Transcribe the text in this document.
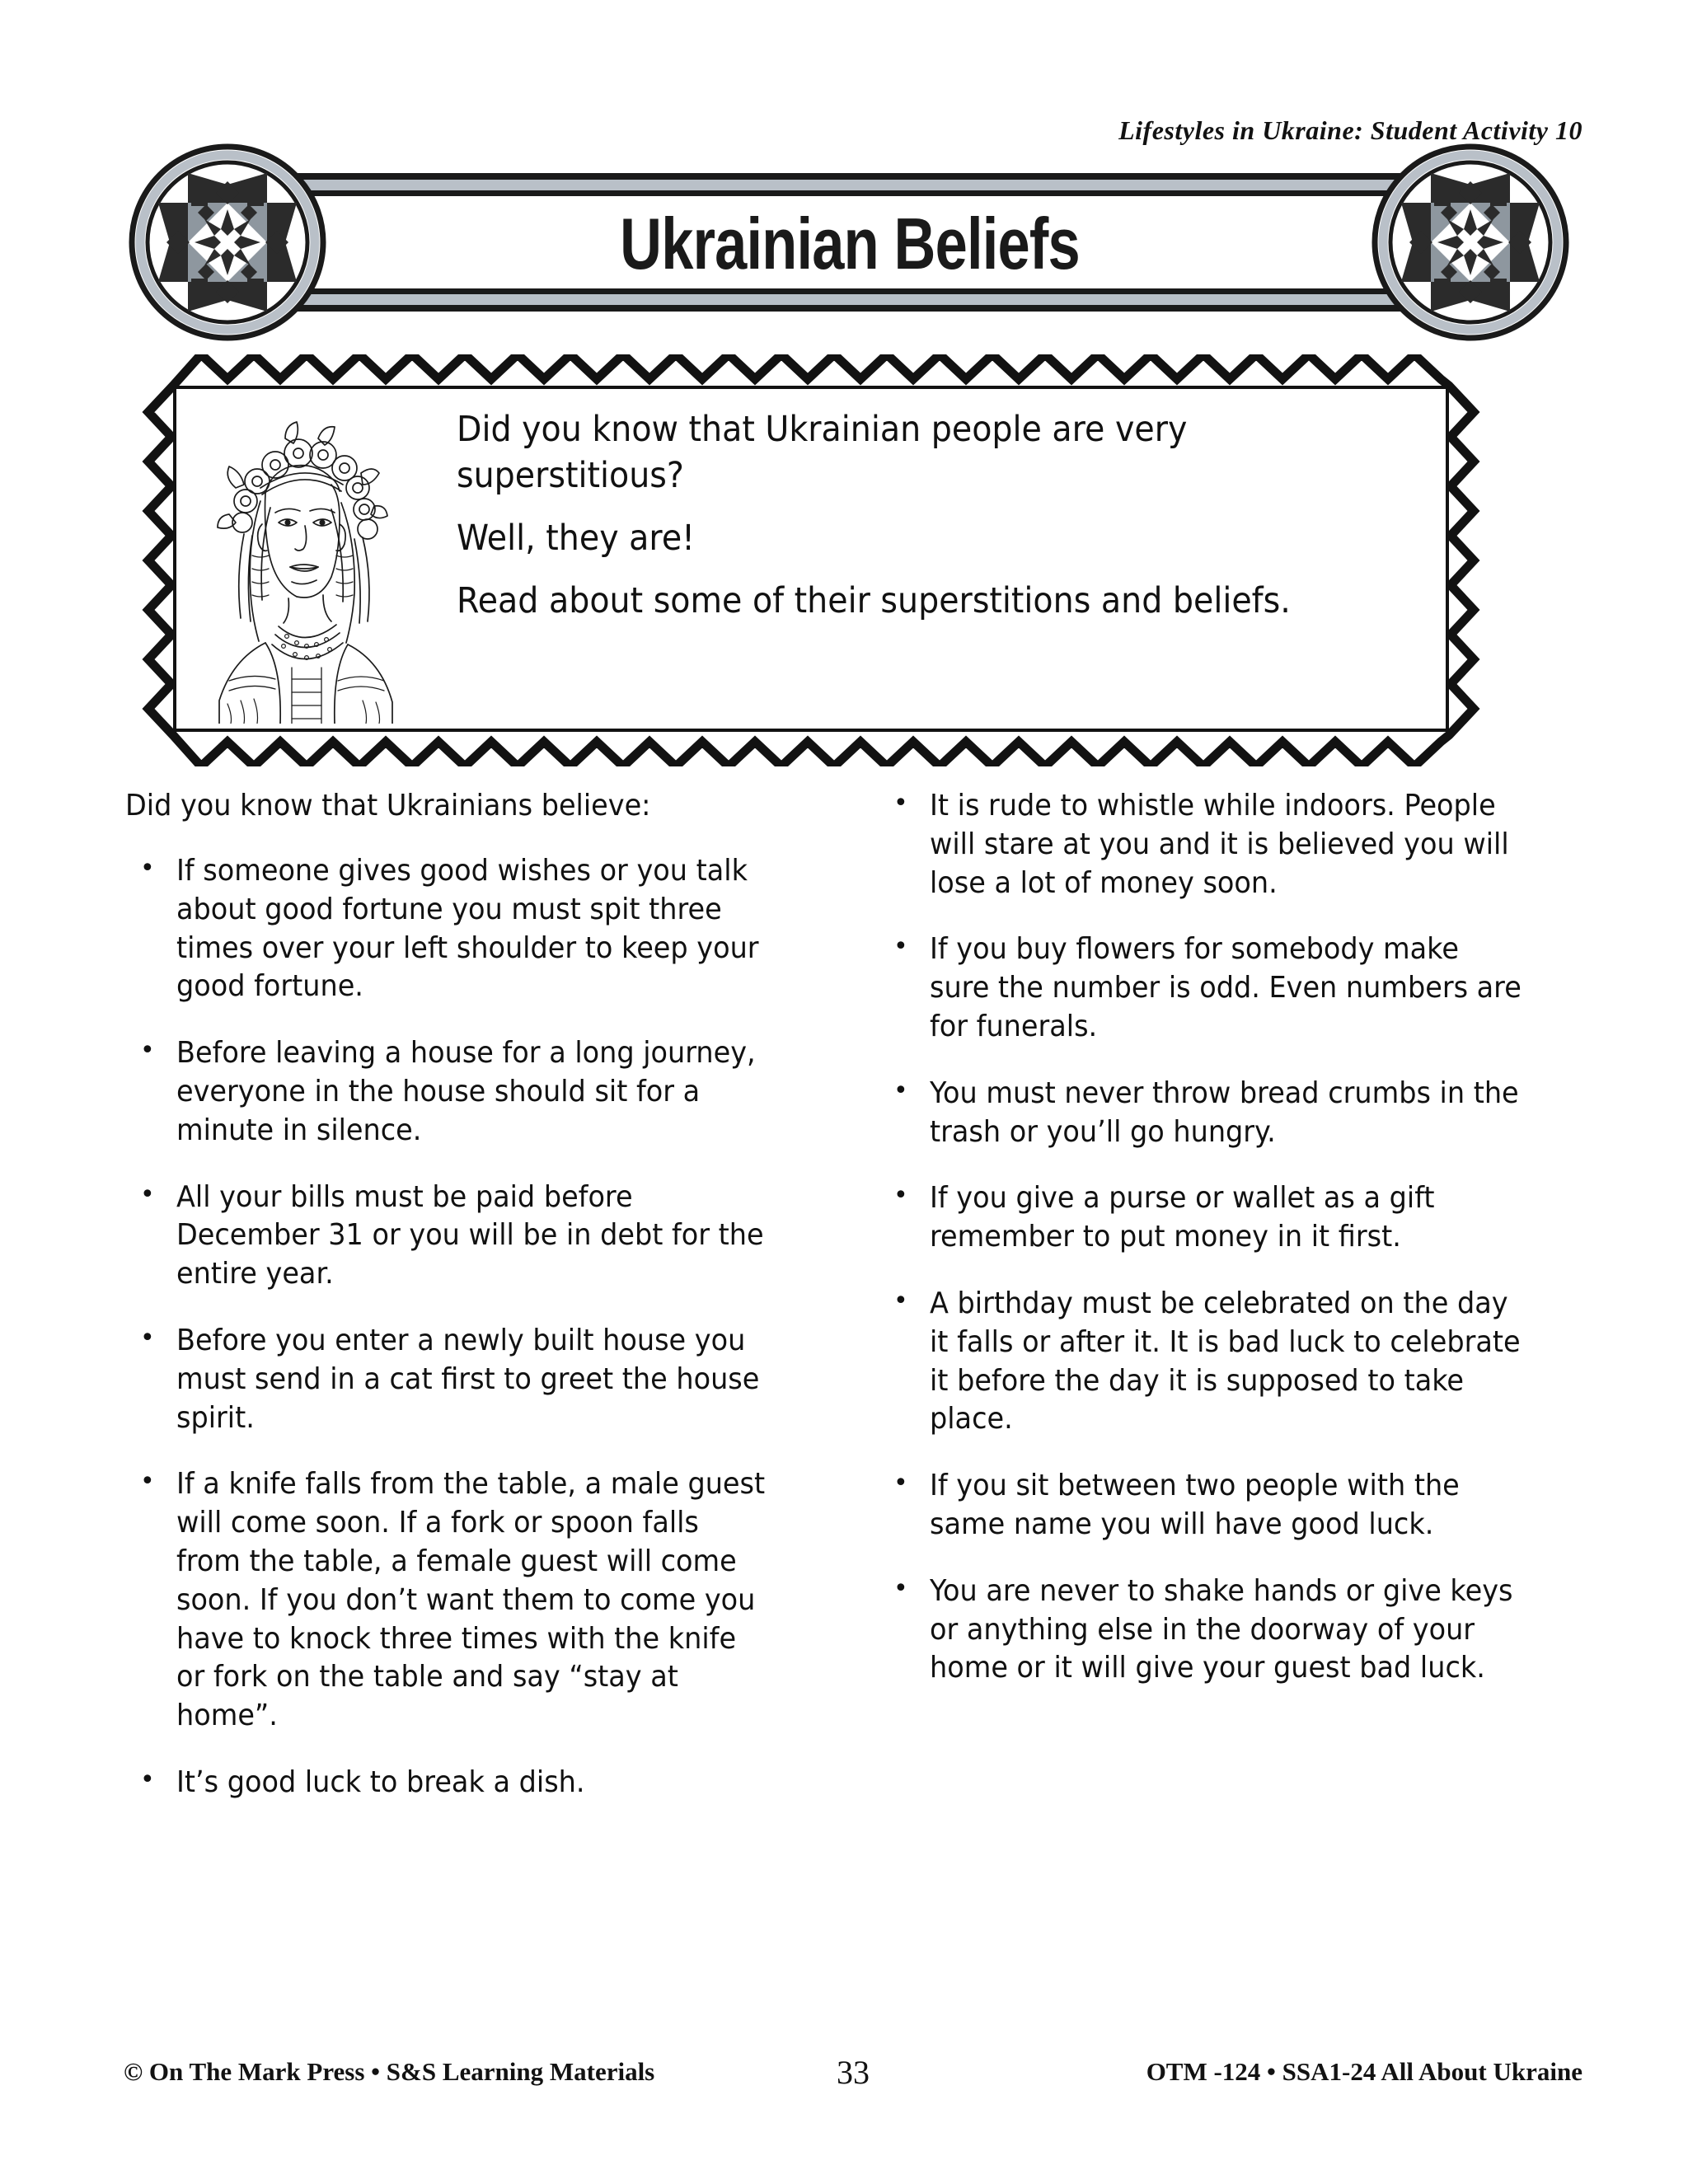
Lifestyles in Ukraine: Student Activity 10
Ukrainian Beliefs

Did you know that Ukrainian people are very superstitious?

Well, they are!

Read about some of their superstitions and beliefs.

Did you know that Ukrainians believe:

• If someone gives good wishes or you talk about good fortune you must spit three times over your left shoulder to keep your good fortune.
• Before leaving a house for a long journey, everyone in the house should sit for a minute in silence.
• All your bills must be paid before December 31 or you will be in debt for the entire year.
• Before you enter a newly built house you must send in a cat first to greet the house spirit.
• If a knife falls from the table, a male guest will come soon. If a fork or spoon falls from the table, a female guest will come soon. If you don’t want them to come you have to knock three times with the knife or fork on the table and say “stay at home”.
• It’s good luck to break a dish.
• It is rude to whistle while indoors. People will stare at you and it is believed you will lose a lot of money soon.
• If you buy flowers for somebody make sure the number is odd. Even numbers are for funerals.
• You must never throw bread crumbs in the trash or you’ll go hungry.
• If you give a purse or wallet as a gift remember to put money in it first.
• A birthday must be celebrated on the day it falls or after it. It is bad luck to celebrate it before the day it is supposed to take place.
• If you sit between two people with the same name you will have good luck.
• You are never to shake hands or give keys or anything else in the doorway of your home or it will give your guest bad luck.
© On The Mark Press • S&S Learning Materials	33	OTM -124 • SSA1-24 All About Ukraine
